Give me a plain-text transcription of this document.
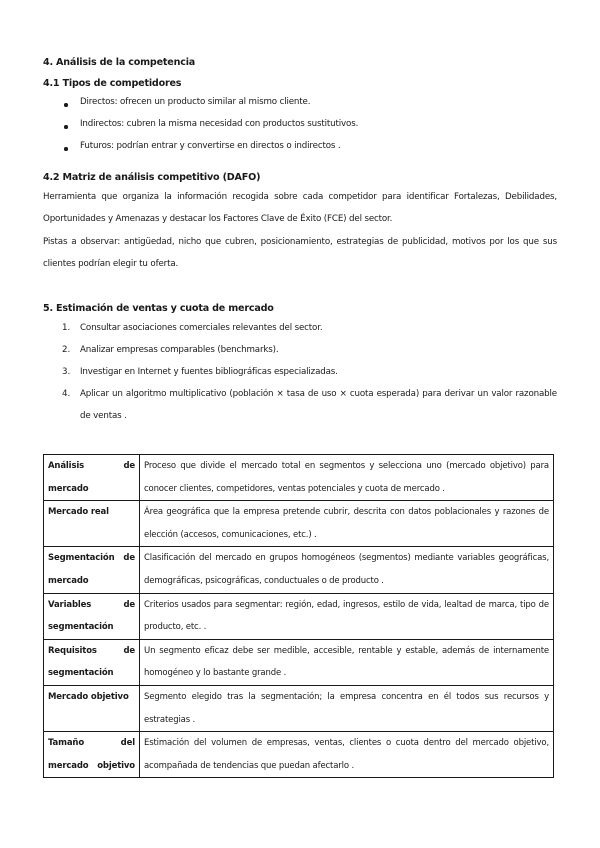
4. Análisis de la competencia
4.1 Tipos de competidores
Directos: ofrecen un producto similar al mismo cliente.
Indirectos: cubren la misma necesidad con productos sustitutivos.
Futuros: podrían entrar y convertirse en directos o indirectos .
4.2 Matriz de análisis competitivo (DAFO)
Herramienta que organiza la información recogida sobre cada competidor para identificar Fortalezas, Debilidades, Oportunidades y Amenazas y destacar los Factores Clave de Éxito (FCE) del sector.
Pistas a observar: antigüedad, nicho que cubren, posicionamiento, estrategias de publicidad, motivos por los que sus clientes podrían elegir tu oferta.
5. Estimación de ventas y cuota de mercado
1. Consultar asociaciones comerciales relevantes del sector.
2. Analizar empresas comparables (benchmarks).
3. Investigar en Internet y fuentes bibliográficas especializadas.
4. Aplicar un algoritmo multiplicativo (población × tasa de uso × cuota esperada) para derivar un valor razonable de ventas .
Análisis de mercado	Proceso que divide el mercado total en segmentos y selecciona uno (mercado objetivo) para conocer clientes, competidores, ventas potenciales y cuota de mercado .
Mercado real	Área geográfica que la empresa pretende cubrir, descrita con datos poblacionales y razones de elección (accesos, comunicaciones, etc.) .
Segmentación de mercado	Clasificación del mercado en grupos homogéneos (segmentos) mediante variables geográficas, demográficas, psicográficas, conductuales o de producto .
Variables de segmentación	Criterios usados para segmentar: región, edad, ingresos, estilo de vida, lealtad de marca, tipo de producto, etc. .
Requisitos de segmentación	Un segmento eficaz debe ser medible, accesible, rentable y estable, además de internamente homogéneo y lo bastante grande .
Mercado objetivo	Segmento elegido tras la segmentación; la empresa concentra en él todos sus recursos y estrategias .
Tamaño del mercado objetivo	Estimación del volumen de empresas, ventas, clientes o cuota dentro del mercado objetivo, acompañada de tendencias que puedan afectarlo .
